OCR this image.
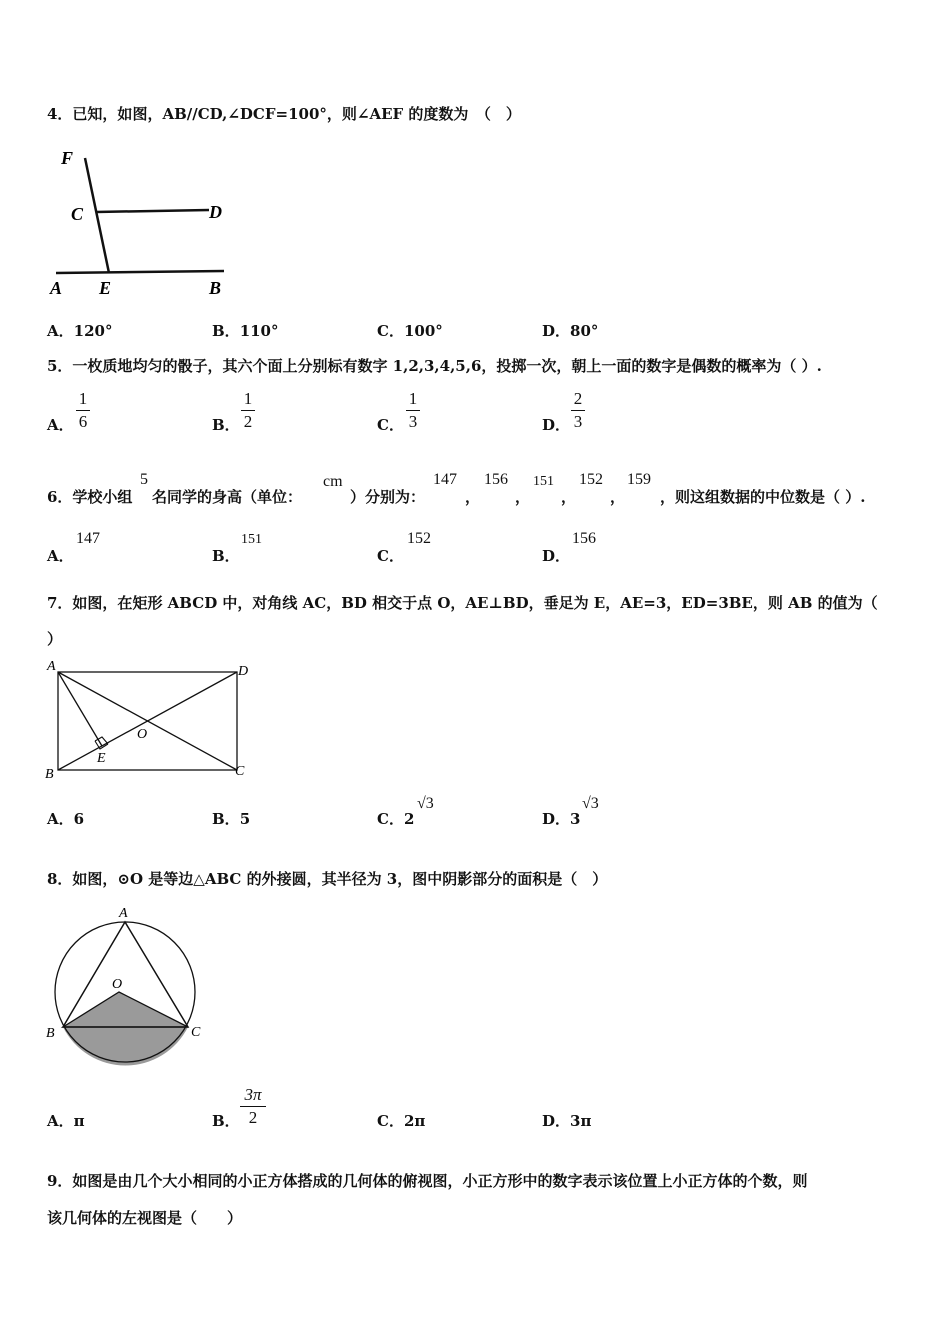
4．已知，如图，AB//CD,∠DCF=100°，则∠AEF 的度数为　（　）
F
C	D
A E	B
A．120°	B．110°	C．100°	D．80°
5．一枚质地均匀的骰子，其六个面上分别标有数字 1,2,3,4,5,6，投掷一次，朝上一面的数字是偶数的概率为（ ）.
A．
1
6	B．
1
2	C．
1
3	D．
2
3
6．学校小组
5
名同学的身高（单位：
cm
）分别为：
147
，
156
，
151
，
152
，
159
，则这组数据的中位数是（ ）.
A．
147
B．
151
C．
152
D．
156
7．如图，在矩形 ABCD 中，对角线 AC，BD 相交于点 O，AE⊥BD，垂足为 E，AE=3，ED=3BE，则 AB 的值为（
）
A	D
B	C
O
E
A．6	B．5	C．2
√3
D．3
√3
8．如图，⊙O 是等边△ABC 的外接圆，其半径为 3，图中阴影部分的面积是（　）
A
O
B	C
A．π	B．
3π
2	C．2π	D．3π
9．如图是由几个大小相同的小正方体搭成的几何体的俯视图，小正方形中的数字表示该位置上小正方体的个数，则
该几何体的左视图是（　　）
